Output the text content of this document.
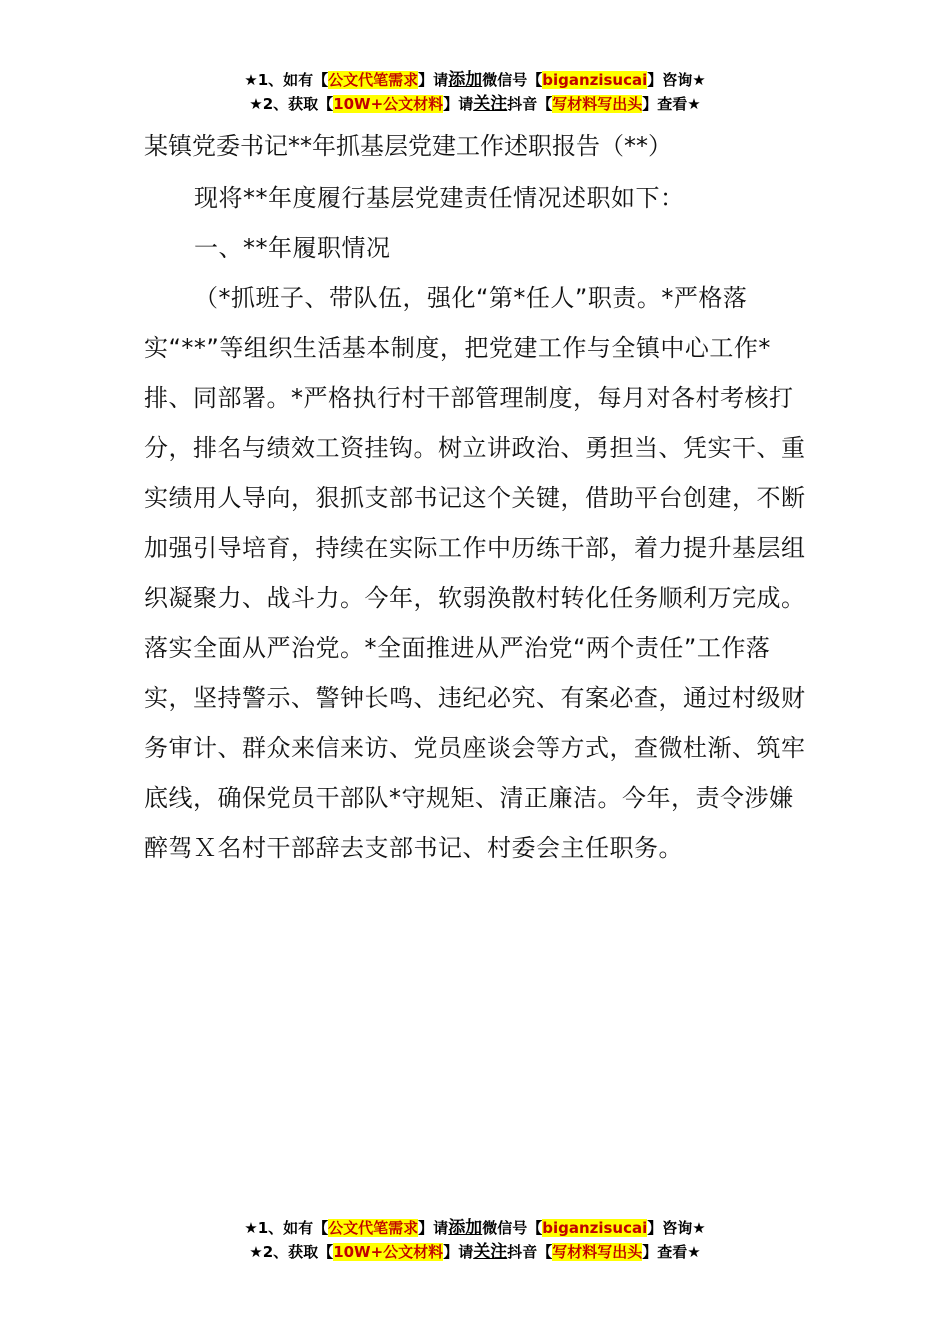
★1、如有【公文代笔需求】请添加微信号【biganzisucai】咨询★
★2、获取【10W+公文材料】请关注抖音【写材料写出头】查看★
某镇党委书记**年抓基层党建工作述职报告（**）

现将**年度履行基层党建责任情况述职如下：

一、**年履职情况

（*抓班子、带队伍，强化“第*任人”职责。*严格落实“**”等组织生活基本制度，把党建工作与全镇中心工作*排、同部署。*严格执行村干部管理制度，每月对各村考核打分，排名与绩效工资挂钩。树立讲政治、勇担当、凭实干、重实绩用人导向，狠抓支部书记这个关键，借助平台创建，不断加强引导培育，持续在实际工作中历练干部，着力提升基层组织凝聚力、战斗力。今年，软弱涣散村转化任务顺利万完成。落实全面从严治党。*全面推进从严治党“两个责任”工作落实，坚持警示、警钟长鸣、违纪必究、有案必查，通过村级财务审计、群众来信来访、党员座谈会等方式，查微杜渐、筑牢底线，确保党员干部队*守规矩、清正廉洁。今年，责令涉嫌醉驾Ｘ名村干部辞去支部书记、村委会主任职务。

★1、如有【公文代笔需求】请添加微信号【biganzisucai】咨询★
★2、获取【10W+公文材料】请关注抖音【写材料写出头】查看★
